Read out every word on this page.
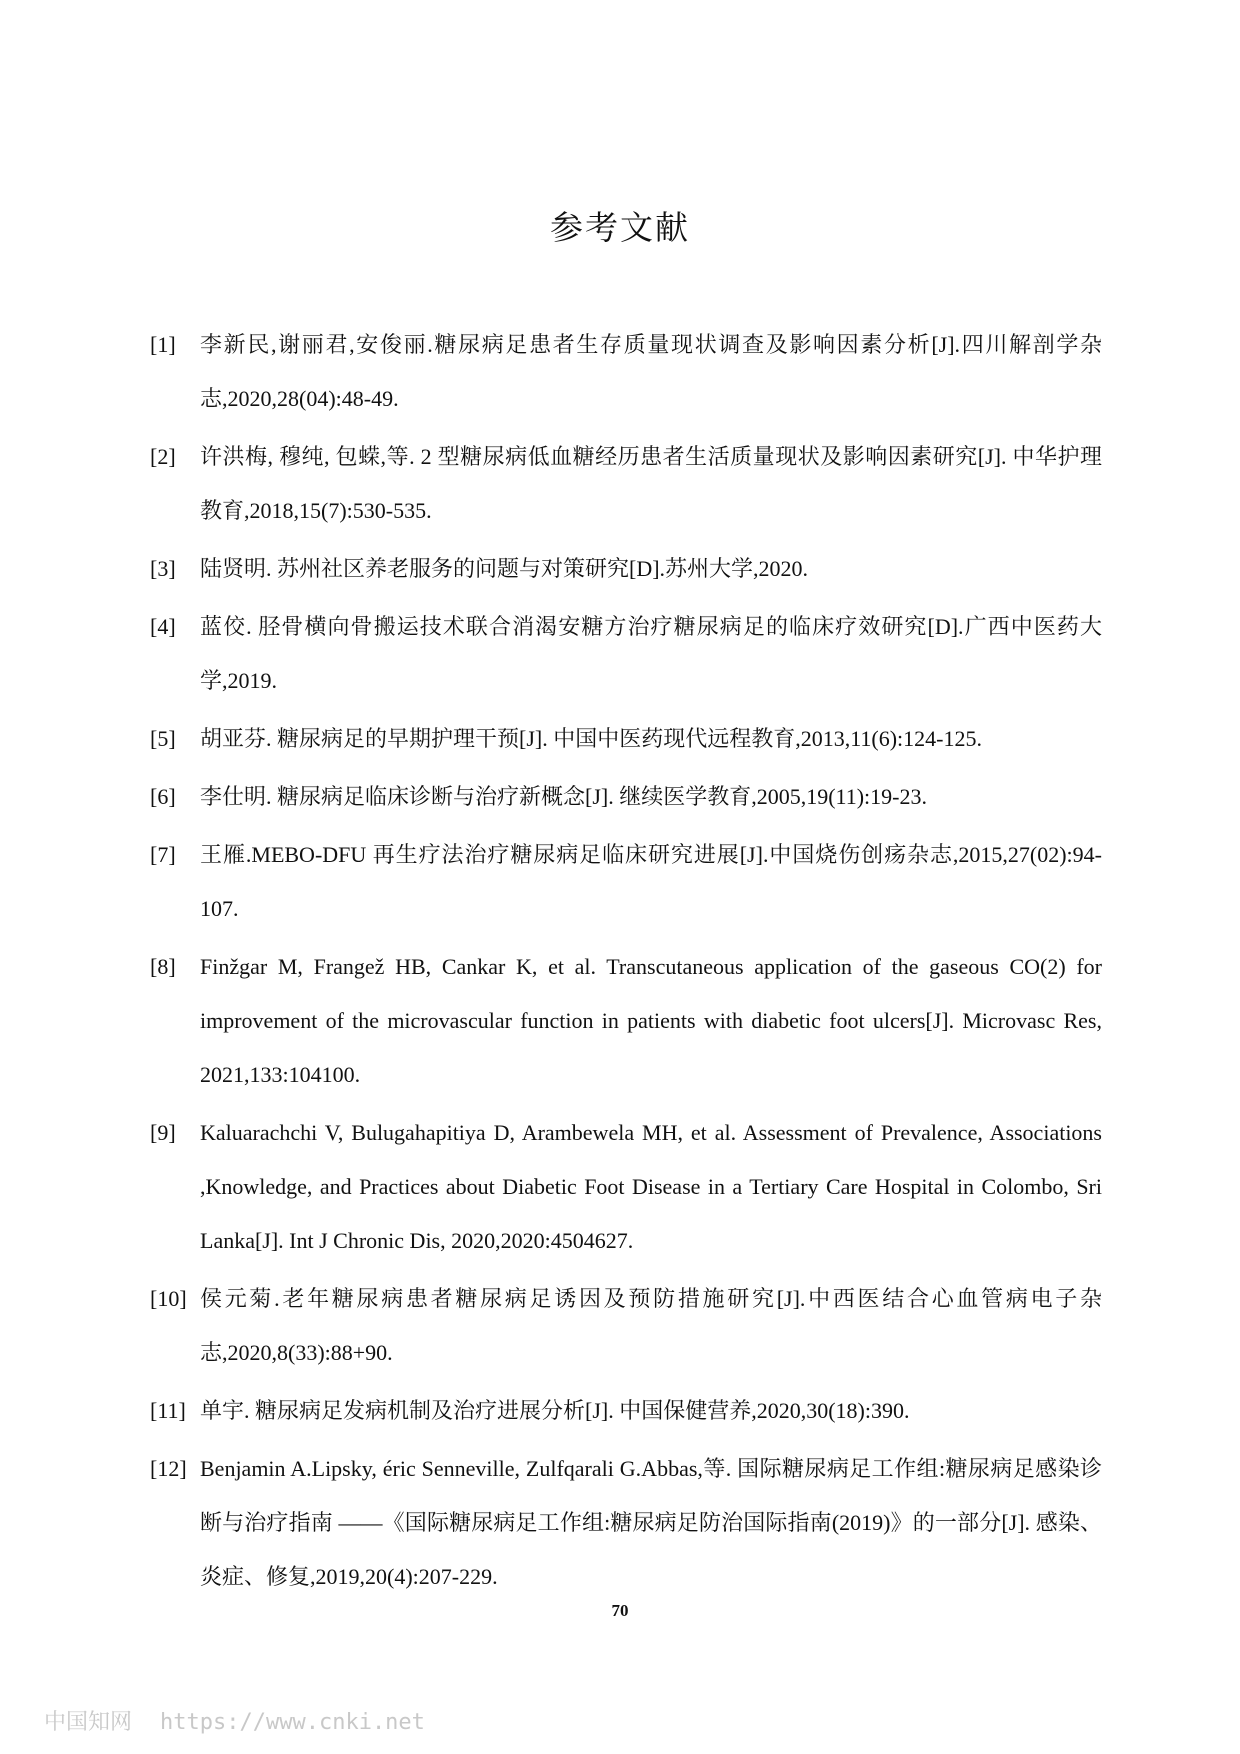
参考文献
[1] 李新民,谢丽君,安俊丽.糖尿病足患者生存质量现状调查及影响因素分析[J].四川解剖学杂志,2020,28(04):48-49.
[2] 许洪梅, 穆纯, 包蝾,等. 2 型糖尿病低血糖经历患者生活质量现状及影响因素研究[J]. 中华护理教育,2018,15(7):530-535.
[3] 陆贤明. 苏州社区养老服务的问题与对策研究[D].苏州大学,2020.
[4] 蓝佼. 胫骨横向骨搬运技术联合消渴安糖方治疗糖尿病足的临床疗效研究[D].广西中医药大学,2019.
[5] 胡亚芬. 糖尿病足的早期护理干预[J]. 中国中医药现代远程教育,2013,11(6):124-125.
[6] 李仕明. 糖尿病足临床诊断与治疗新概念[J]. 继续医学教育,2005,19(11):19-23.
[7] 王雁.MEBO-DFU 再生疗法治疗糖尿病足临床研究进展[J].中国烧伤创疡杂志,2015,27(02):94-107.
[8] Finžgar M, Frangež HB, Cankar K, et al. Transcutaneous application of the gaseous CO(2) for improvement of the microvascular function in patients with diabetic foot ulcers[J]. Microvasc Res, 2021,133:104100.
[9] Kaluarachchi V, Bulugahapitiya D, Arambewela MH, et al. Assessment of Prevalence, Associations ,Knowledge, and Practices about Diabetic Foot Disease in a Tertiary Care Hospital in Colombo, Sri Lanka[J]. Int J Chronic Dis, 2020,2020:4504627.
[10] 侯元菊.老年糖尿病患者糖尿病足诱因及预防措施研究[J].中西医结合心血管病电子杂志,2020,8(33):88+90.
[11] 单宇. 糖尿病足发病机制及治疗进展分析[J]. 中国保健营养,2020,30(18):390.
[12] Benjamin A.Lipsky, éric Senneville, Zulfqarali G.Abbas,等. 国际糖尿病足工作组:糖尿病足感染诊断与治疗指南 ——《国际糖尿病足工作组:糖尿病足防治国际指南(2019)》的一部分[J]. 感染、炎症、修复,2019,20(4):207-229.
70
中国知网 https://www.cnki.net
